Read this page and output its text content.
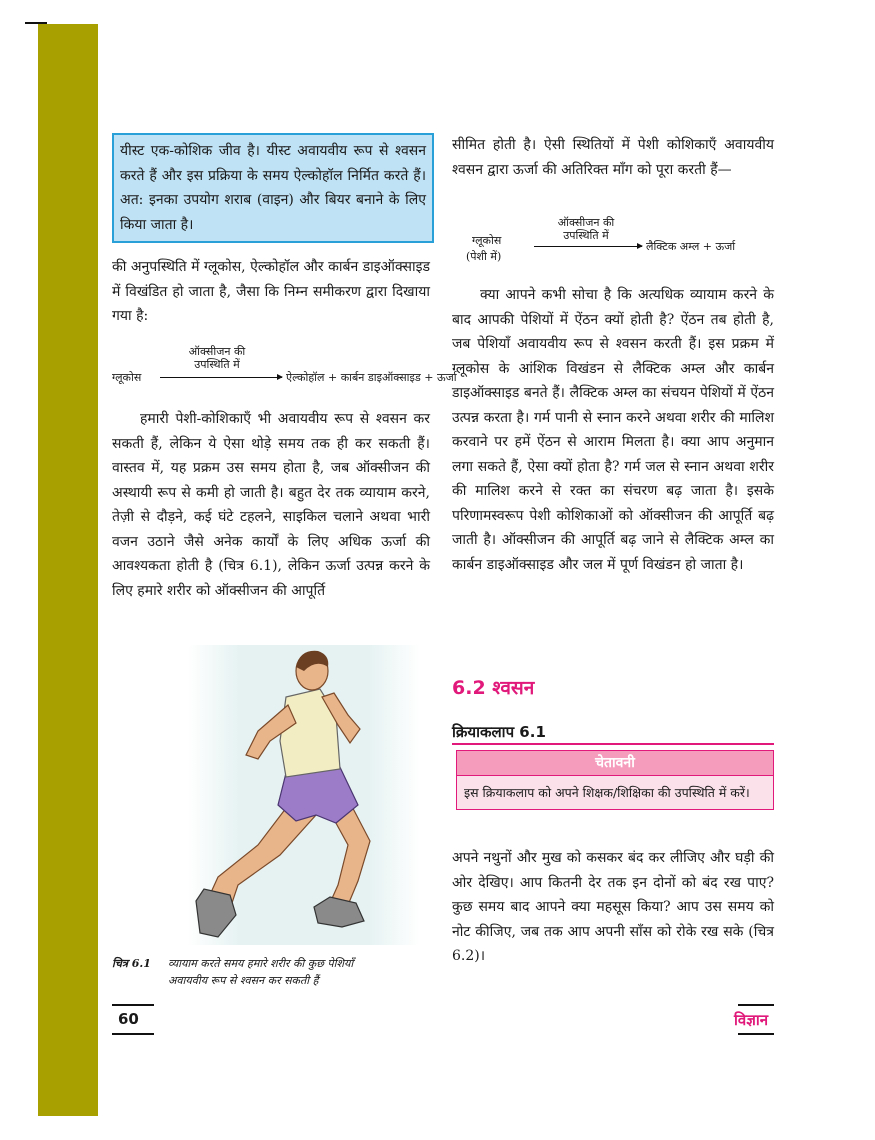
यीस्ट एक-कोशिक जीव है। यीस्ट अवायवीय रूप से श्वसन करते हैं और इस प्रक्रिया के समय ऐल्कोहॉल निर्मित करते हैं। अत: इनका उपयोग शराब (वाइन) और बियर बनाने के लिए किया जाता है।

की अनुपस्थिति में ग्लूकोस, ऐल्कोहॉल और कार्बन डाइऑक्साइड में विखंडित हो जाता है, जैसा कि निम्न समीकरण द्वारा दिखाया गया है:

ग्लूकोस
ऑक्सीजन की
उपस्थिति में
ऐल्कोहॉल + कार्बन डाइऑक्साइड + ऊर्जा

हमारी पेशी-कोशिकाएँ भी अवायवीय रूप से श्वसन कर सकती हैं, लेकिन ये ऐसा थोड़े समय तक ही कर सकती हैं। वास्तव में, यह प्रक्रम उस समय होता है, जब ऑक्सीजन की अस्थायी रूप से कमी हो जाती है। बहुत देर तक व्यायाम करने, तेज़ी से दौड़ने, कई घंटे टहलने, साइकिल चलाने अथवा भारी वजन उठाने जैसे अनेक कार्यों के लिए अधिक ऊर्जा की आवश्यकता होती है (चित्र 6.1), लेकिन ऊर्जा उत्पन्न करने के लिए हमारे शरीर को ऑक्सीजन की आपूर्ति

चित्र 6.1 व्यायाम करते समय हमारे शरीर की कुछ पेशियाँ
अवायवीय रूप से श्वसन कर सकती हैं

सीमित होती है। ऐसी स्थितियों में पेशी कोशिकाएँ अवायवीय श्वसन द्वारा ऊर्जा की अतिरिक्त माँग को पूरा करती हैं—

ग्लूकोस
(पेशी में)
ऑक्सीजन की
उपस्थिति में
लैक्टिक अम्ल + ऊर्जा

क्या आपने कभी सोचा है कि अत्यधिक व्यायाम करने के बाद आपकी पेशियों में ऐंठन क्यों होती है? ऐंठन तब होती है, जब पेशियाँ अवायवीय रूप से श्वसन करती हैं। इस प्रक्रम में ग्लूकोस के आंशिक विखंडन से लैक्टिक अम्ल और कार्बन डाइऑक्साइड बनते हैं। लैक्टिक अम्ल का संचयन पेशियों में ऐंठन उत्पन्न करता है। गर्म पानी से स्नान करने अथवा शरीर की मालिश करवाने पर हमें ऐंठन से आराम मिलता है। क्या आप अनुमान लगा सकते हैं, ऐसा क्यों होता है? गर्म जल से स्नान अथवा शरीर की मालिश करने से रक्त का संचरण बढ़ जाता है। इसके परिणामस्वरूप पेशी कोशिकाओं को ऑक्सीजन की आपूर्ति बढ़ जाती है। ऑक्सीजन की आपूर्ति बढ़ जाने से लैक्टिक अम्ल का कार्बन डाइऑक्साइड और जल में पूर्ण विखंडन हो जाता है।

6.2 श्वसन
क्रियाकलाप 6.1
चेतावनी
इस क्रियाकलाप को अपने शिक्षक/शिक्षिका की उपस्थिति में करें।

अपने नथुनों और मुख को कसकर बंद कर लीजिए और घड़ी की ओर देखिए। आप कितनी देर तक इन दोनों को बंद रख पाए? कुछ समय बाद आपने क्या महसूस किया? आप उस समय को नोट कीजिए, जब तक आप अपनी साँस को रोके रख सके (चित्र 6.2)।

60	विज्ञान
